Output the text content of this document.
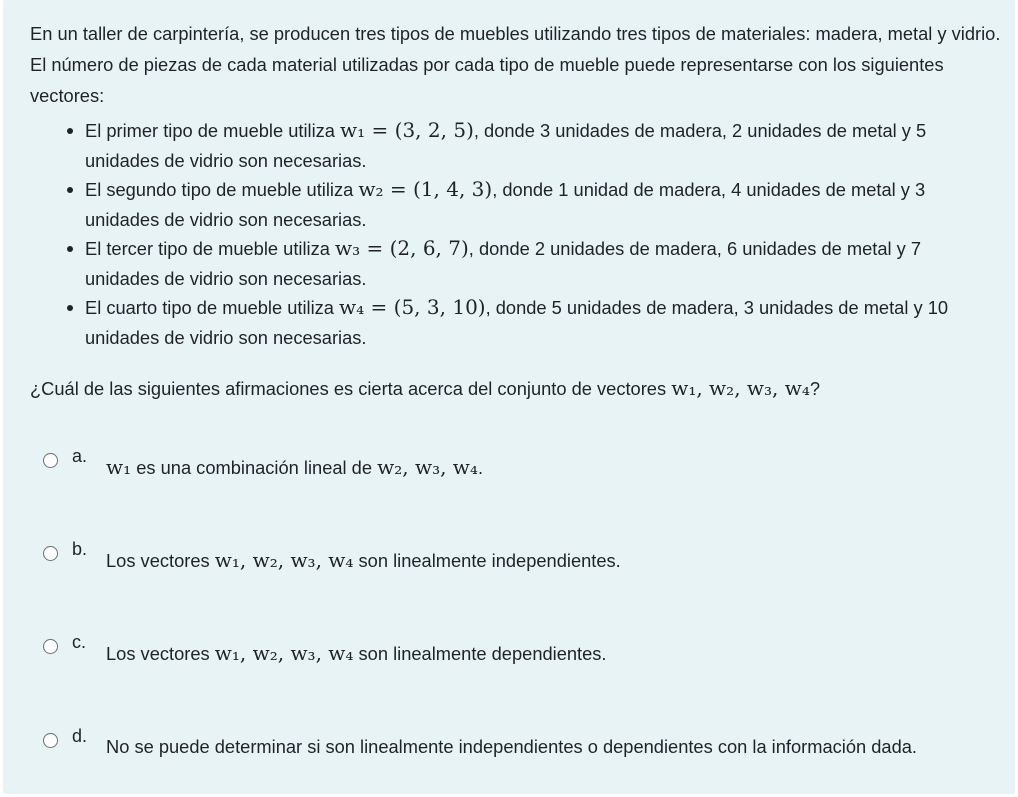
En un taller de carpintería, se producen tres tipos de muebles utilizando tres tipos de materiales: madera, metal y vidrio. El número de piezas de cada material utilizadas por cada tipo de mueble puede representarse con los siguientes vectores:
El primer tipo de mueble utiliza w₁ = (3, 2, 5), donde 3 unidades de madera, 2 unidades de metal y 5 unidades de vidrio son necesarias.
El segundo tipo de mueble utiliza w₂ = (1, 4, 3), donde 1 unidad de madera, 4 unidades de metal y 3 unidades de vidrio son necesarias.
El tercer tipo de mueble utiliza w₃ = (2, 6, 7), donde 2 unidades de madera, 6 unidades de metal y 7 unidades de vidrio son necesarias.
El cuarto tipo de mueble utiliza w₄ = (5, 3, 10), donde 5 unidades de madera, 3 unidades de metal y 10 unidades de vidrio son necesarias.
¿Cuál de las siguientes afirmaciones es cierta acerca del conjunto de vectores w₁, w₂, w₃, w₄?
a. w₁ es una combinación lineal de w₂, w₃, w₄.
b.
Los vectores w₁, w₂, w₃, w₄ son linealmente independientes.
c.
Los vectores w₁, w₂, w₃, w₄ son linealmente dependientes.
d. No se puede determinar si son linealmente independientes o dependientes con la información dada.
